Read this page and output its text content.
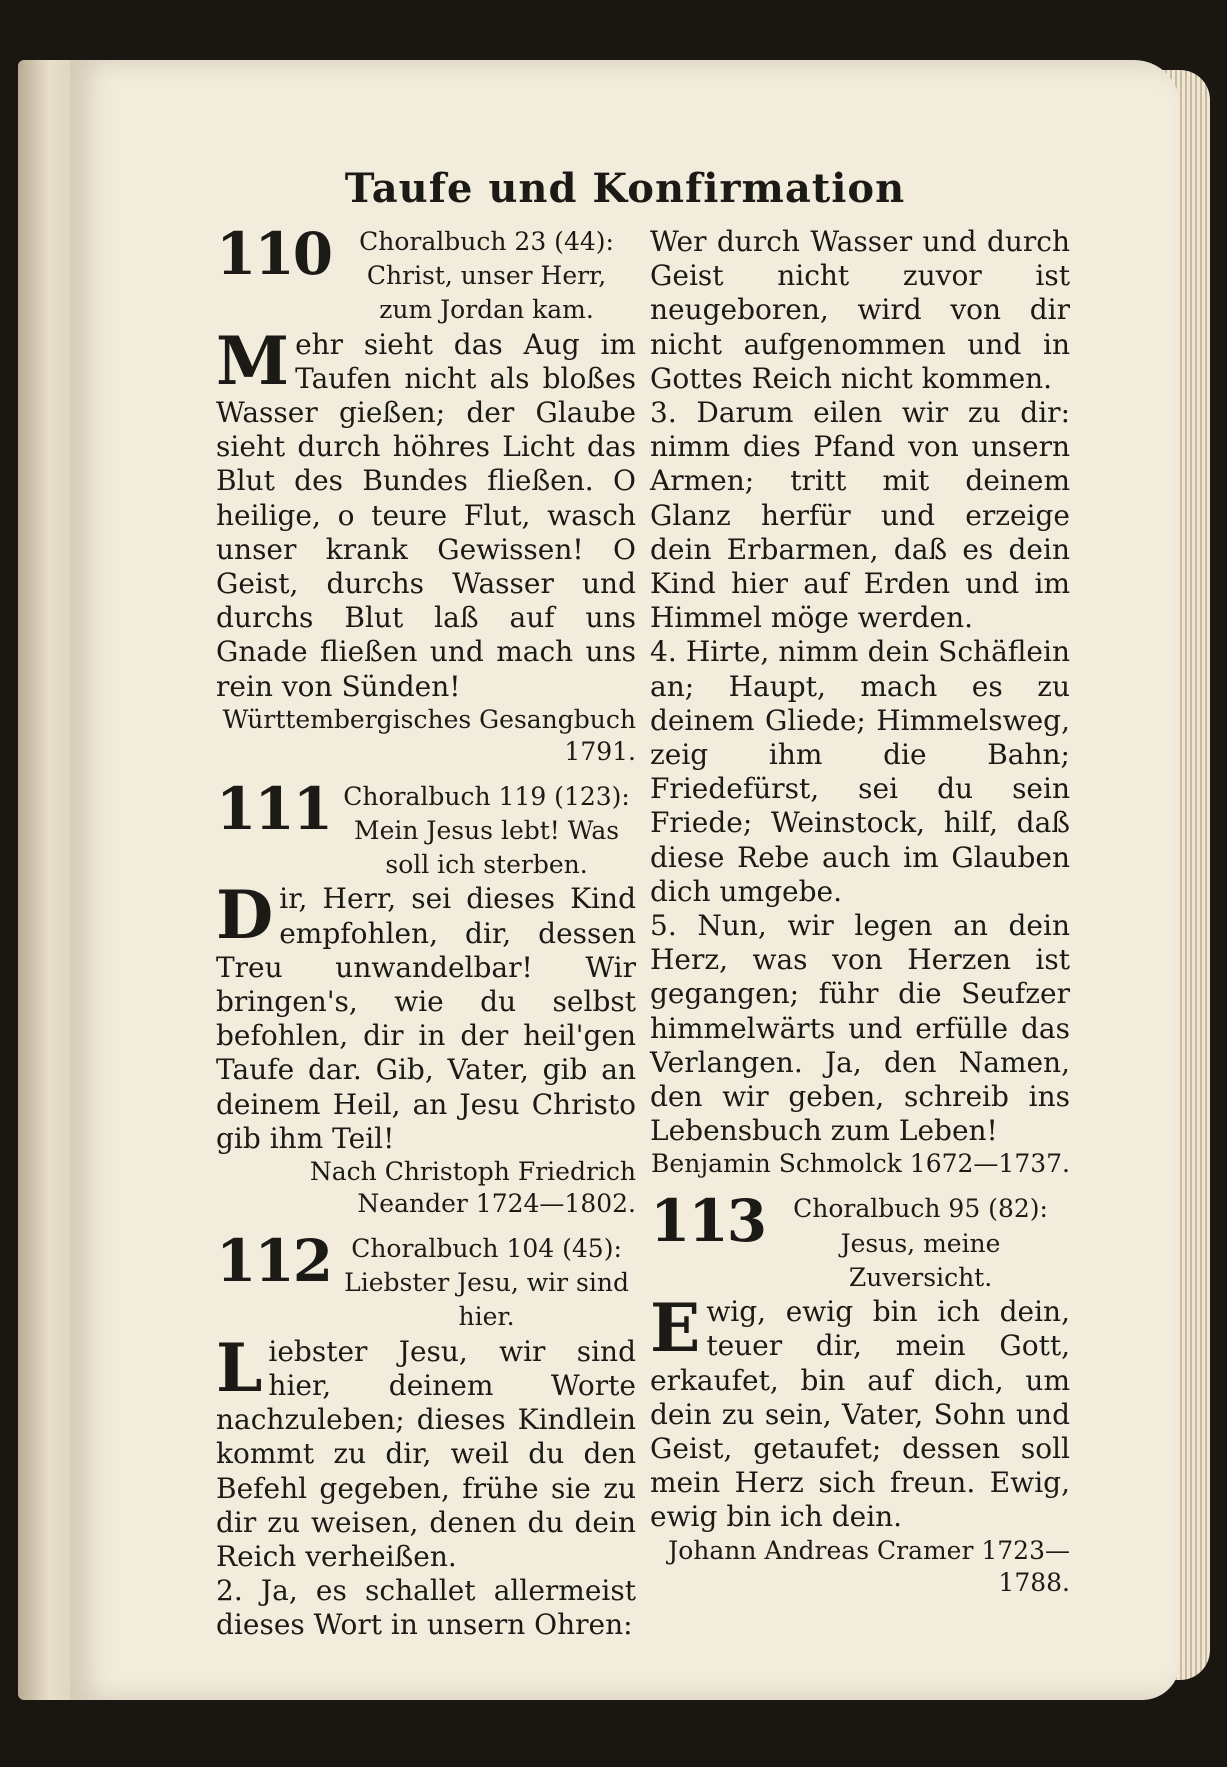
Taufe und Konfirmation
110	Choralbuch 23 (44):
Christ, unser Herr, zum Jordan kam.

Mehr sieht das Aug im Taufen nicht als bloßes Wasser gießen; der Glaube sieht durch höhres Licht das Blut des Bundes fließen. O heilige, o teure Flut, wasch unser krank Gewissen! O Geist, durchs Wasser und durchs Blut laß auf uns Gnade fließen und mach uns rein von Sünden!

Württembergisches Gesangbuch 1791.
111 Choralbuch 119 (123):
Mein Jesus lebt! Was soll ich sterben.

Dir, Herr, sei dieses Kind empfohlen, dir, dessen Treu unwandelbar! Wir bringen's, wie du selbst befohlen, dir in der heil'gen Taufe dar. Gib, Vater, gib an deinem Heil, an Jesu Christo gib ihm Teil!

Nach Christoph Friedrich Neander 1724—1802.
112 Choralbuch 104 (45):
Liebster Jesu, wir sind hier.

Liebster Jesu, wir sind hier, deinem Worte nachzuleben; dieses Kindlein kommt zu dir, weil du den Befehl gegeben, frühe sie zu dir zu weisen, denen du dein Reich verheißen.

2. Ja, es schallet allermeist dieses Wort in unsern Ohren:

Wer durch Wasser und durch Geist nicht zuvor ist neugeboren, wird von dir nicht aufgenommen und in Gottes Reich nicht kommen.

3. Darum eilen wir zu dir: nimm dies Pfand von unsern Armen; tritt mit deinem Glanz herfür und erzeige dein Erbarmen, daß es dein Kind hier auf Erden und im Himmel möge werden.

4. Hirte, nimm dein Schäflein an; Haupt, mach es zu deinem Gliede; Himmelsweg, zeig ihm die Bahn; Friedefürst, sei du sein Friede; Weinstock, hilf, daß diese Rebe auch im Glauben dich umgebe.

5. Nun, wir legen an dein Herz, was von Herzen ist gegangen; führ die Seufzer himmelwärts und erfülle das Verlangen. Ja, den Namen, den wir geben, schreib ins Lebensbuch zum Leben!

Benjamin Schmolck 1672—1737.
113	Choralbuch 95 (82):
Jesus, meine Zuversicht.

Ewig, ewig bin ich dein, teuer dir, mein Gott, erkaufet, bin auf dich, um dein zu sein, Vater, Sohn und Geist, getaufet; dessen soll mein Herz sich freun. Ewig, ewig bin ich dein.

Johann Andreas Cramer 1723—1788.
